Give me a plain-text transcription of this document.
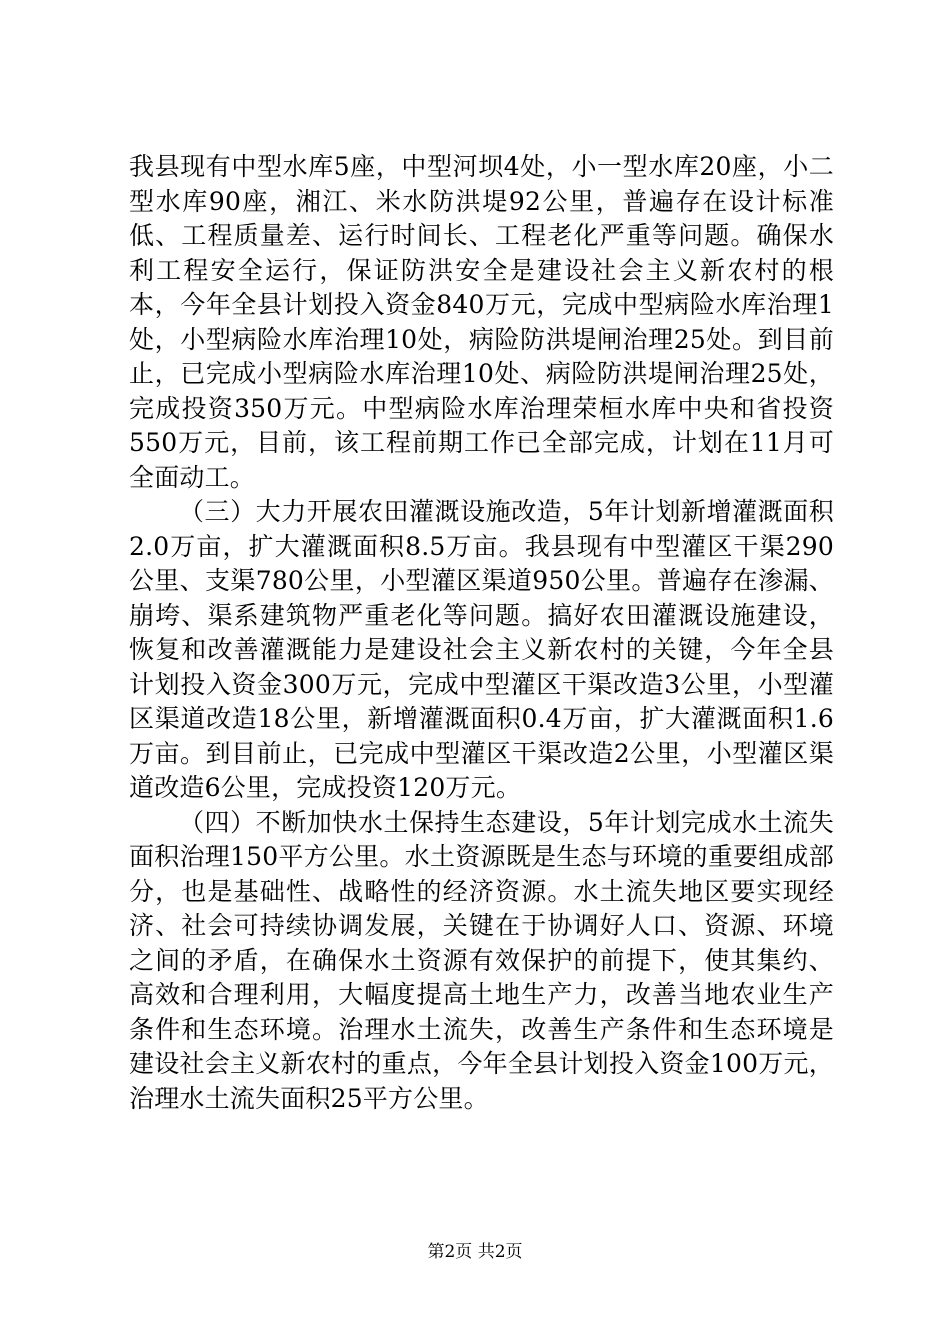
我县现有中型水库5座，中型河坝4处，小一型水库20座，小二型水库90座，湘江、米水防洪堤92公里，普遍存在设计标准低、工程质量差、运行时间长、工程老化严重等问题。确保水利工程安全运行，保证防洪安全是建设社会主义新农村的根本，今年全县计划投入资金840万元，完成中型病险水库治理1处，小型病险水库治理10处，病险防洪堤闸治理25处。到目前止，已完成小型病险水库治理10处、病险防洪堤闸治理25处，完成投资350万元。中型病险水库治理荣桓水库中央和省投资550万元，目前，该工程前期工作已全部完成，计划在11月可全面动工。

（三）大力开展农田灌溉设施改造，5年计划新增灌溉面积2.0万亩，扩大灌溉面积8.5万亩。我县现有中型灌区干渠290公里、支渠780公里，小型灌区渠道950公里。普遍存在渗漏、崩垮、渠系建筑物严重老化等问题。搞好农田灌溉设施建设，恢复和改善灌溉能力是建设社会主义新农村的关键，今年全县计划投入资金300万元，完成中型灌区干渠改造3公里，小型灌区渠道改造18公里，新增灌溉面积0.4万亩，扩大灌溉面积1.6万亩。到目前止，已完成中型灌区干渠改造2公里，小型灌区渠道改造6公里，完成投资120万元。

（四）不断加快水土保持生态建设，5年计划完成水土流失面积治理150平方公里。水土资源既是生态与环境的重要组成部分，也是基础性、战略性的经济资源。水土流失地区要实现经济、社会可持续协调发展，关键在于协调好人口、资源、环境之间的矛盾，在确保水土资源有效保护的前提下，使其集约、高效和合理利用，大幅度提高土地生产力，改善当地农业生产条件和生态环境。治理水土流失，改善生产条件和生态环境是建设社会主义新农村的重点，今年全县计划投入资金100万元，治理水土流失面积25平方公里。

第2页 共2页
